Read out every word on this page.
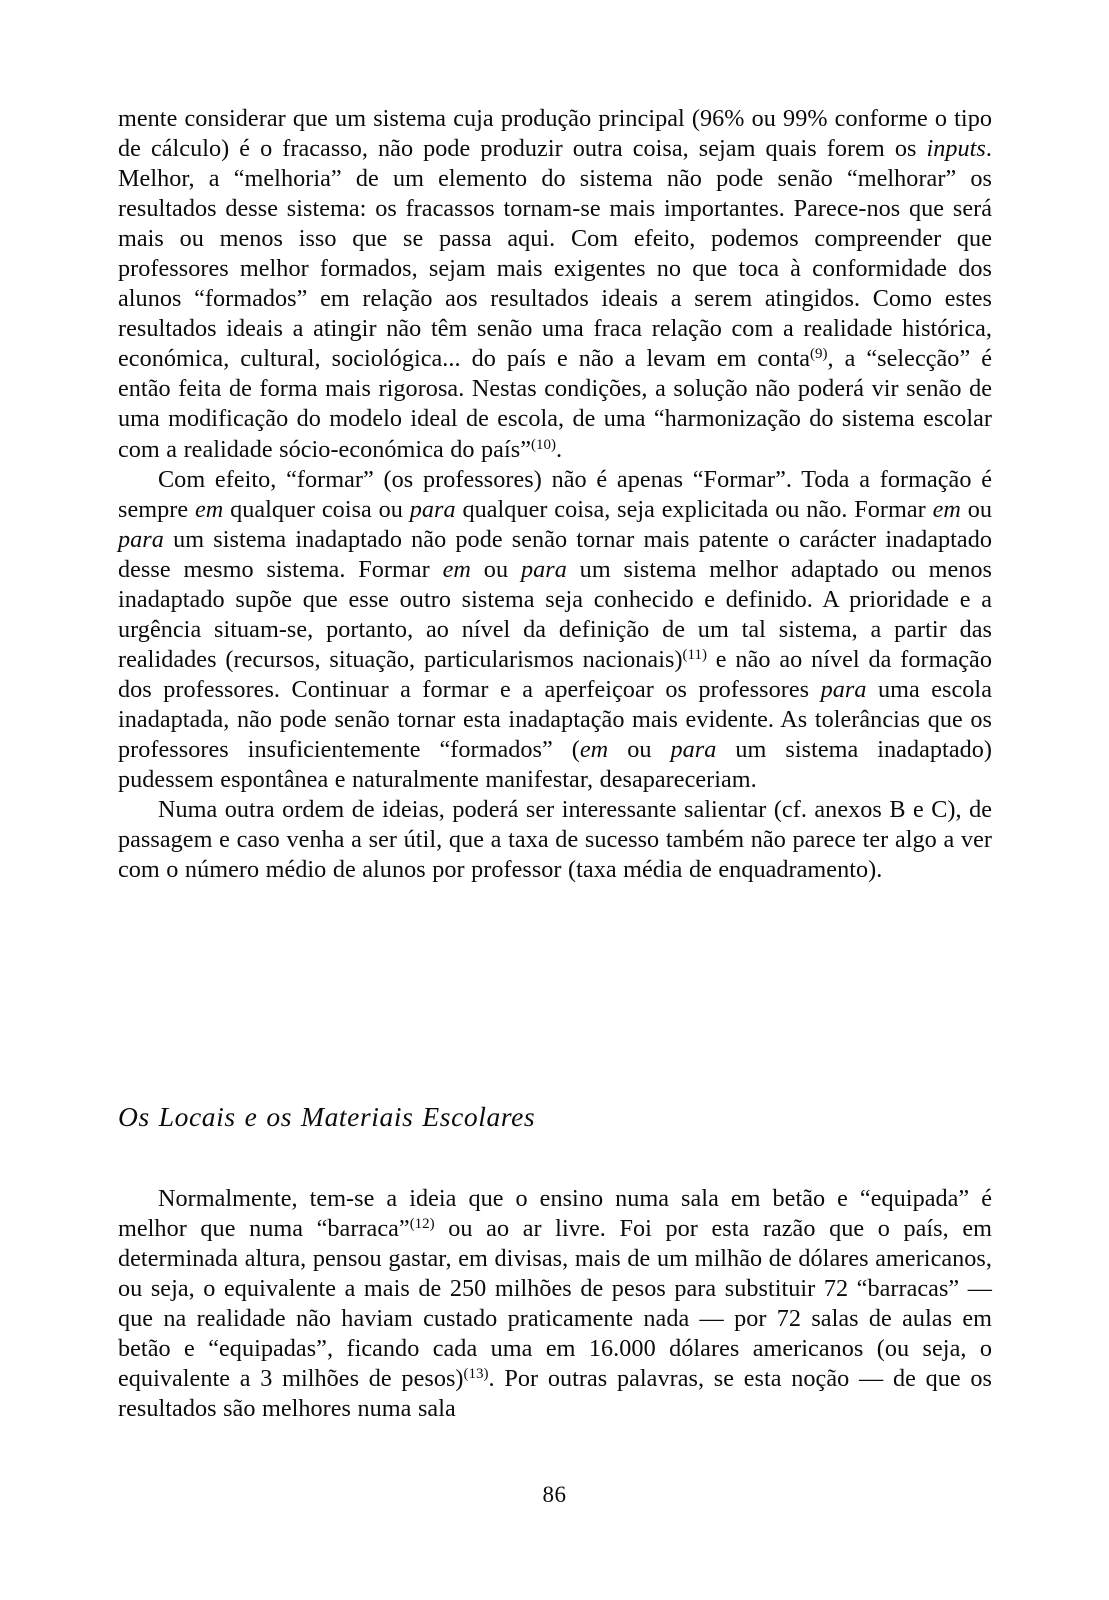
mente considerar que um sistema cuja produção principal (96% ou 99% conforme o tipo de cálculo) é o fracasso, não pode produzir outra coisa, sejam quais forem os inputs. Melhor, a “melhoria” de um elemento do sistema não pode senão “melhorar” os resultados desse sistema: os fracassos tornam-se mais importantes. Parece-nos que será mais ou menos isso que se passa aqui. Com efeito, podemos compreender que professores melhor formados, sejam mais exigentes no que toca à conformidade dos alunos “formados” em relação aos resultados ideais a serem atingidos. Como estes resultados ideais a atingir não têm senão uma fraca relação com a realidade histórica, económica, cultural, sociológica... do país e não a levam em conta$^{(9)}$, a “selecção” é então feita de forma mais rigorosa. Nestas condições, a solução não poderá vir senão de uma modificação do modelo ideal de escola, de uma “harmonização do sistema escolar com a realidade sócio-económica do país”$^{(10)}$.

Com efeito, “formar” (os professores) não é apenas “Formar”. Toda a formação é sempre em qualquer coisa ou para qualquer coisa, seja explicitada ou não. Formar em ou para um sistema inadaptado não pode senão tornar mais patente o carácter inadaptado desse mesmo sistema. Formar em ou para um sistema melhor adaptado ou menos inadaptado supõe que esse outro sistema seja conhecido e definido. A prioridade e a urgência situam-se, portanto, ao nível da definição de um tal sistema, a partir das realidades (recursos, situação, particularismos nacionais)$^{(11)}$ e não ao nível da formação dos professores. Continuar a formar e a aperfeiçoar os professores para uma escola inadaptada, não pode senão tornar esta inadaptação mais evidente. As tolerâncias que os professores insuficientemente “formados” (em ou para um sistema inadaptado) pudessem espontânea e naturalmente manifestar, desapareceriam.

Numa outra ordem de ideias, poderá ser interessante salientar (cf. anexos B e C), de passagem e caso venha a ser útil, que a taxa de sucesso também não parece ter algo a ver com o número médio de alunos por professor (taxa média de enquadramento).

Os Locais e os Materiais Escolares

Normalmente, tem-se a ideia que o ensino numa sala em betão e “equipada” é melhor que numa “barraca”$^{(12)}$ ou ao ar livre. Foi por esta razão que o país, em determinada altura, pensou gastar, em divisas, mais de um milhão de dólares americanos, ou seja, o equivalente a mais de 250 milhões de pesos para substituir 72 “barracas” — que na realidade não haviam custado praticamente nada — por 72 salas de aulas em betão e “equipadas”, ficando cada uma em 16.000 dólares americanos (ou seja, o equivalente a 3 milhões de pesos)$^{(13)}$. Por outras palavras, se esta noção — de que os resultados são melhores numa sala

86
